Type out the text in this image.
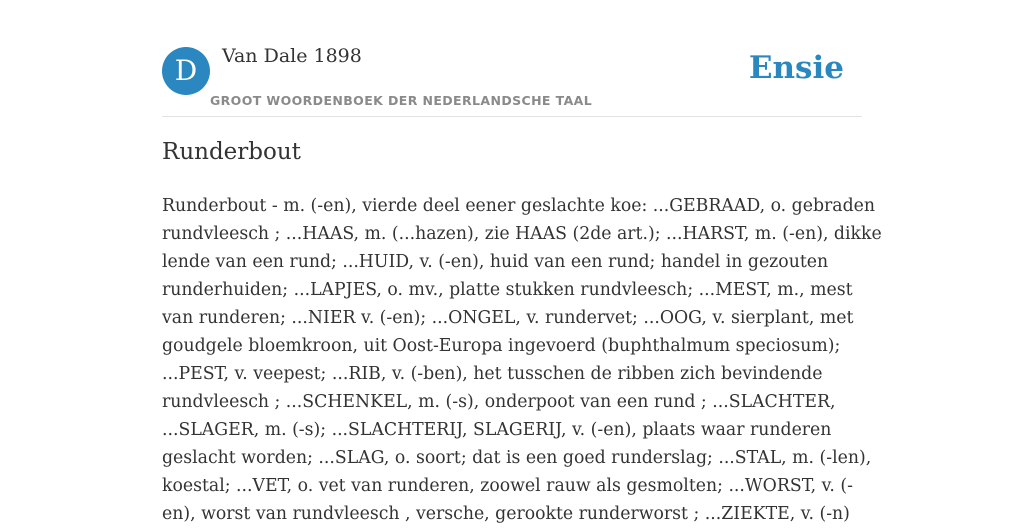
D	Van Dale 1898
GROOT WOORDENBOEK DER NEDERLANDSCHE TAAL
Ensie
Runderbout

Runderbout - m. (-en), vierde deel eener geslachte koe: ...GEBRAAD, o. gebraden
rundvleesch ; ...HAAS, m. (...hazen), zie HAAS (2de art.); ...HARST, m. (-en), dikke
lende van een rund; ...HUID, v. (-en), huid van een rund; handel in gezouten
runderhuiden; ...LAPJES, o. mv., platte stukken rundvleesch; ...MEST, m., mest
van runderen; ...NIER v. (-en); ...ONGEL, v. rundervet; ...OOG, v. sierplant, met
goudgele bloemkroon, uit Oost-Europa ingevoerd (buphthalmum speciosum);
...PEST, v. veepest; ...RIB, v. (-ben), het tusschen de ribben zich bevindende
rundvleesch ; ...SCHENKEL, m. (-s), onderpoot van een rund ; ...SLACHTER,
...SLAGER, m. (-s); ...SLACHTERIJ, SLAGERIJ, v. (-en), plaats waar runderen
geslacht worden; ...SLAG, o. soort; dat is een goed runderslag; ...STAL, m. (-len),
koestal; ...VET, o. vet van runderen, zoowel rauw als gesmolten; ...WORST, v. (-
en), worst van rundvleesch , versche, gerookte runderworst ; ...ZIEKTE, v. (-n)
